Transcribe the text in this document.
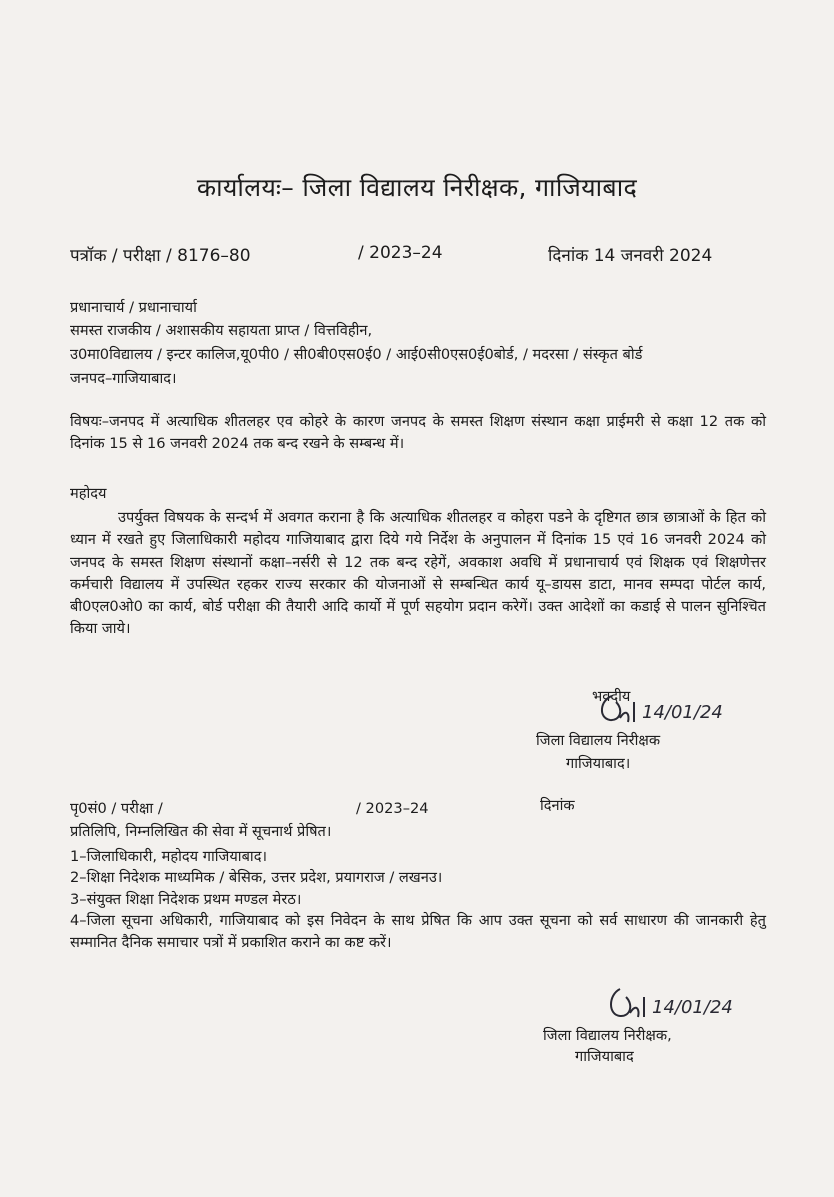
कार्यालयः– जिला विद्यालय निरीक्षक, गाजियाबाद
पत्रॉक / परीक्षा / 8176–80	/ 2023–24	दिनांक 14 जनवरी 2024
प्रधानाचार्य / प्रधानाचार्या
समस्त राजकीय / अशासकीय सहायता प्राप्त / वित्तविहीन,
उ0मा0विद्यालय / इन्टर कालिज,यू0पी0 / सी0बी0एस0ई0 / आई0सी0एस0ई0बोर्ड, / मदरसा / संस्कृत बोर्ड
जनपद–गाजियाबाद।
विषयः–जनपद में अत्याधिक शीतलहर एव कोहरे के कारण जनपद के समस्त शिक्षण संस्थान कक्षा प्राईमरी से कक्षा 12 तक को दिनांक 15 से 16 जनवरी 2024 तक बन्द रखने के सम्बन्ध में।
महोदय
उपर्युक्त विषयक के सन्दर्भ में अवगत कराना है कि अत्याधिक शीतलहर व कोहरा पडने के दृष्टिगत छात्र छात्राओं के हित को ध्यान में रखते हुए जिलाधिकारी महोदय गाजियाबाद द्वारा दिये गये निर्देश के अनुपालन में दिनांक 15 एवं 16 जनवरी 2024 को जनपद के समस्त शिक्षण संस्थानों कक्षा–नर्सरी से 12 तक बन्द रहेगें, अवकाश अवधि में प्रधानाचार्य एवं शिक्षक एवं शिक्षणेत्तर कर्मचारी विद्यालय में उपस्थित रहकर राज्य सरकार की योजनाओं से सम्बन्धित कार्य यू–डायस डाटा, मानव सम्पदा पोर्टल कार्य, बी0एल0ओ0 का कार्य, बोर्ड परीक्षा की तैयारी आदि कार्यो में पूर्ण सहयोग प्रदान करेगें। उक्त आदेशों का कडाई से पालन सुनिश्चित किया जाये।
भवदीय
14/01/24
जिला विद्यालय निरीक्षक
गाजियाबाद।
पृ0सं0 / परीक्षा /	/ 2023–24	दिनांक
प्रतिलिपि, निम्नलिखित की सेवा में सूचनार्थ प्रेषित।
1–जिलाधिकारी, महोदय गाजियाबाद।
2–शिक्षा निदेशक माध्यमिक / बेसिक, उत्तर प्रदेश, प्रयागराज / लखनउ।
3–संयुक्त शिक्षा निदेशक प्रथम मण्डल मेरठ।
4–जिला सूचना अधिकारी, गाजियाबाद को इस निवेदन के साथ प्रेषित कि आप उक्त सूचना को सर्व साधारण की जानकारी हेतु सम्मानित दैनिक समाचार पत्रों में प्रकाशित कराने का कष्ट करें।
14/01/24
जिला विद्यालय निरीक्षक,
गाजियाबाद
